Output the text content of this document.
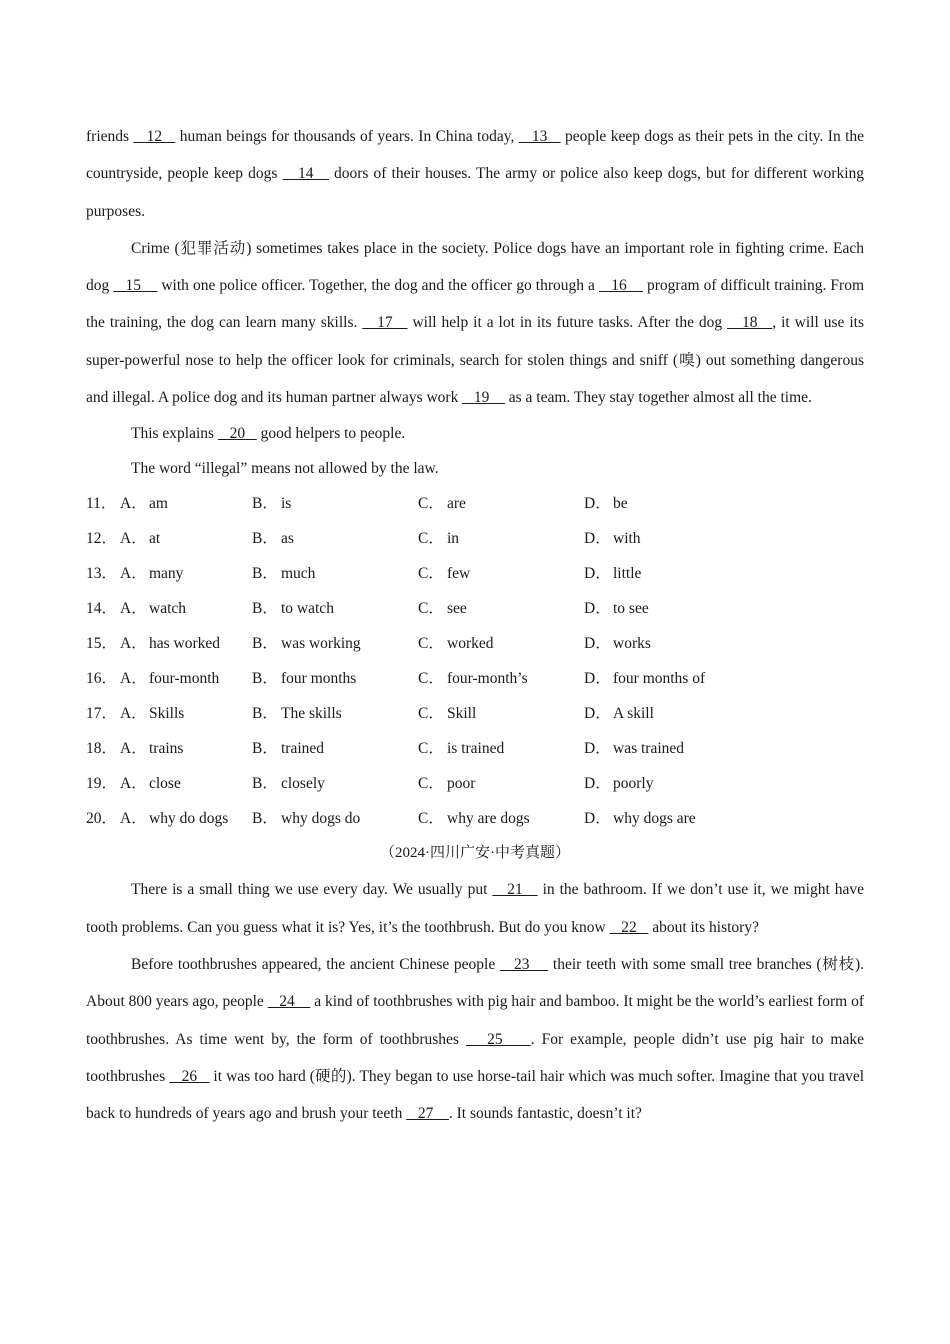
friends    12    human beings for thousands of years. In China today,    13    people keep dogs as their pets in the city. In the countryside, people keep dogs    14    doors of their houses. The army or police also keep dogs, but for different working purposes.

Crime (犯罪活动) sometimes takes place in the society. Police dogs have an important role in fighting crime. Each dog    15     with one police officer. Together, the dog and the officer go through a    16     program of difficult training. From the training, the dog can learn many skills.    17    will help it a lot in its future tasks. After the dog    18   , it will use its super-powerful nose to help the officer look for criminals, search for stolen things and sniff (嗅) out something dangerous and illegal. A police dog and its human partner always work    19     as a team. They stay together almost all the time.

This explains    20    good helpers to people.

The word “illegal” means not allowed by the law.

11． A． am	B． is	C． are	D． be
12． A． at	B． as	C． in	D． with
13． A． many	B． much	C． few	D． little
14． A． watch	B． to watch	C． see	D． to see
15． A． has worked B． was working	C． worked	D． works
16． A． four-month B． four months	C． four-month’s	D． four months of
17． A． Skills	B． The skills	C． Skill	D． A skill
18． A． trains	B． trained	C． is trained	D． was trained
19． A． close	B． closely	C． poor	D． poorly
20． A． why do dogs B． why dogs do	C． why are dogs	D． why dogs are
（2024·四川广安·中考真题）

There is a small thing we use every day. We usually put    21    in the bathroom. If we don’t use it, we might have tooth problems. Can you guess what it is? Yes, it’s the toothbrush. But do you know    22    about its history?

Before toothbrushes appeared, the ancient Chinese people    23     their teeth with some small tree branches (树枝). About 800 years ago, people    24     a kind of toothbrushes with pig hair and bamboo. It might be the world’s earliest form of toothbrushes. As time went by, the form of toothbrushes    25    . For example, people didn’t use pig hair to make toothbrushes    26    it was too hard (硬的). They began to use horse-tail hair which was much softer. Imagine that you travel back to hundreds of years ago and brush your teeth    27    . It sounds fantastic, doesn’t it?
